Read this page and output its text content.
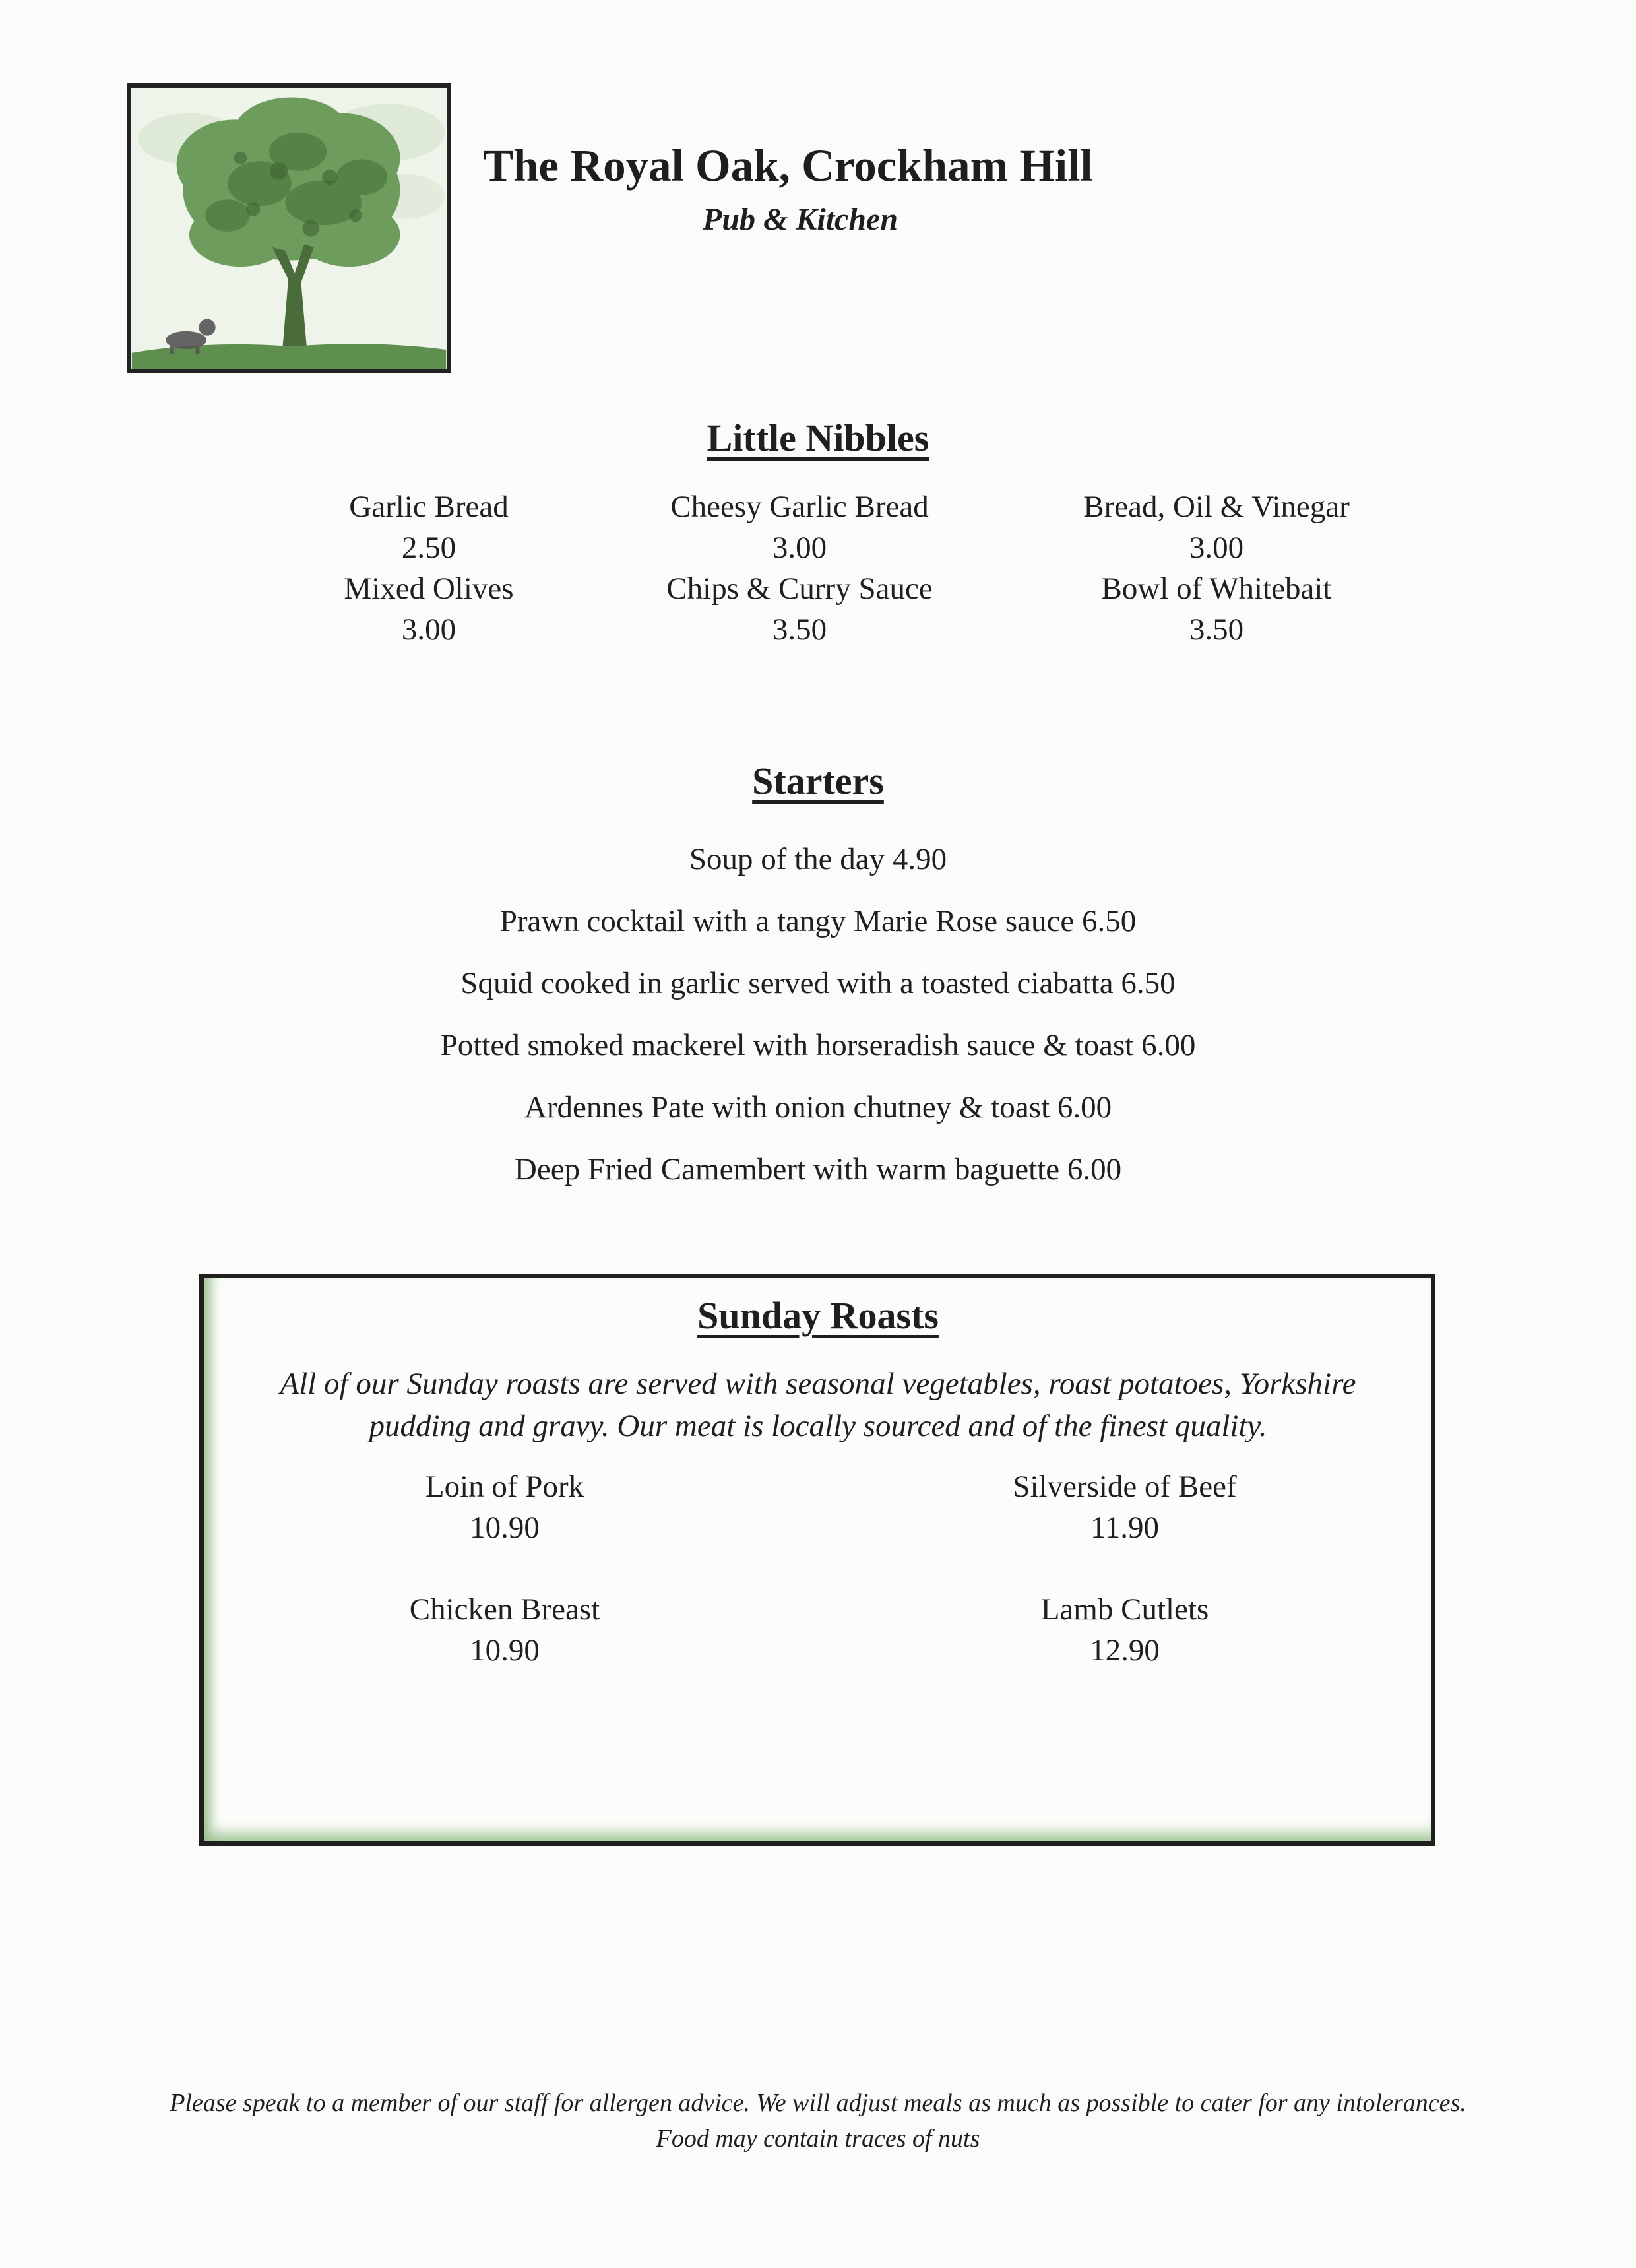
The Royal Oak, Crockham Hill
Pub & Kitchen
Little Nibbles
Garlic Bread
2.50
Mixed Olives
3.00
Cheesy Garlic Bread
3.00
Chips & Curry Sauce
3.50
Bread, Oil & Vinegar
3.00
Bowl of Whitebait
3.50
Starters
Soup of the day 4.90
Prawn cocktail with a tangy Marie Rose sauce 6.50
Squid cooked in garlic served with a toasted ciabatta 6.50
Potted smoked mackerel with horseradish sauce & toast 6.00
Ardennes Pate with onion chutney & toast 6.00
Deep Fried Camembert with warm baguette 6.00
Sunday Roasts
All of our Sunday roasts are served with seasonal vegetables, roast potatoes, Yorkshire
pudding and gravy. Our meat is locally sourced and of the finest quality.
Loin of Pork
10.90
Silverside of Beef
11.90
Chicken Breast
10.90
Lamb Cutlets
12.90
Please speak to a member of our staff for allergen advice. We will adjust meals as much as possible to cater for any intolerances.
Food may contain traces of nuts
